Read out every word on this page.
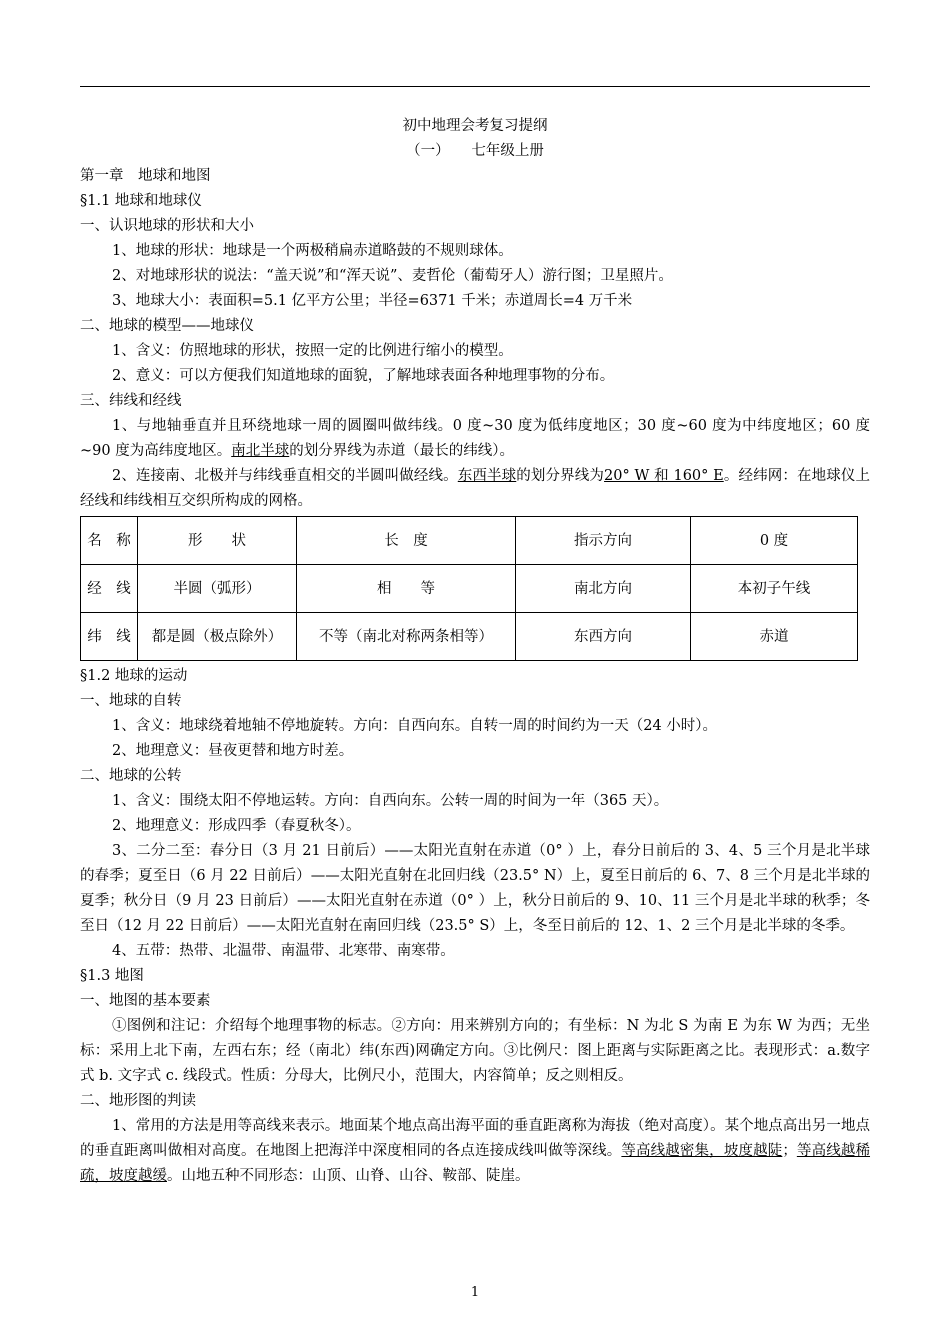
初中地理会考复习提纲
（一）　　七年级上册
第一章　地球和地图
§1.1 地球和地球仪
一、认识地球的形状和大小
1、地球的形状：地球是一个两极稍扁赤道略鼓的不规则球体。
2、对地球形状的说法：“盖天说”和“浑天说”、麦哲伦（葡萄牙人）游行图；卫星照片。
3、地球大小：表面积=5.1 亿平方公里；半径=6371 千米；赤道周长=4 万千米
二、地球的模型——地球仪
1、含义：仿照地球的形状，按照一定的比例进行缩小的模型。
2、意义：可以方便我们知道地球的面貌，了解地球表面各种地理事物的分布。
三、纬线和经线
1、与地轴垂直并且环绕地球一周的圆圈叫做纬线。0 度~30 度为低纬度地区；30 度~60 度为中纬度地区；60 度~90 度为高纬度地区。南北半球的划分界线为赤道（最长的纬线）。
2、连接南、北极并与纬线垂直相交的半圆叫做经线。东西半球的划分界线为20° W 和 160° E。经纬网：在地球仪上经线和纬线相互交织所构成的网格。
名　称	形　　状	长　度	指示方向	0 度
经　线	半圆（弧形）	相　　等	南北方向	本初子午线
纬　线	都是圆（极点除外）	不等（南北对称两条相等）	东西方向	赤道
§1.2 地球的运动
一、地球的自转
1、含义：地球绕着地轴不停地旋转。方向：自西向东。自转一周的时间约为一天（24 小时）。
2、地理意义：昼夜更替和地方时差。
二、地球的公转
1、含义：围绕太阳不停地运转。方向：自西向东。公转一周的时间为一年（365 天）。
2、地理意义：形成四季（春夏秋冬）。
3、二分二至：春分日（3 月 21 日前后）——太阳光直射在赤道（0° ）上，春分日前后的 3、4、5 三个月是北半球的春季；夏至日（6 月 22 日前后）——太阳光直射在北回归线（23.5° N）上，夏至日前后的 6、7、8 三个月是北半球的夏季；秋分日（9 月 23 日前后）——太阳光直射在赤道（0° ）上，秋分日前后的 9、10、11 三个月是北半球的秋季；冬至日（12 月 22 日前后）——太阳光直射在南回归线（23.5° S）上，冬至日前后的 12、1、2 三个月是北半球的冬季。
4、五带：热带、北温带、南温带、北寒带、南寒带。
§1.3 地图
一、地图的基本要素
①图例和注记：介绍每个地理事物的标志。②方向：用来辨别方向的；有坐标：N 为北 S 为南 E 为东 W 为西；无坐标：采用上北下南，左西右东；经（南北）纬(东西)网确定方向。③比例尺：图上距离与实际距离之比。表现形式：a.数字式 b. 文字式 c. 线段式。性质：分母大，比例尺小，范围大，内容简单；反之则相反。
二、地形图的判读
1、常用的方法是用等高线来表示。地面某个地点高出海平面的垂直距离称为海拔（绝对高度）。某个地点高出另一地点的垂直距离叫做相对高度。在地图上把海洋中深度相同的各点连接成线叫做等深线。等高线越密集，坡度越陡；等高线越稀疏，坡度越缓。山地五种不同形态：山顶、山脊、山谷、鞍部、陡崖。
1
